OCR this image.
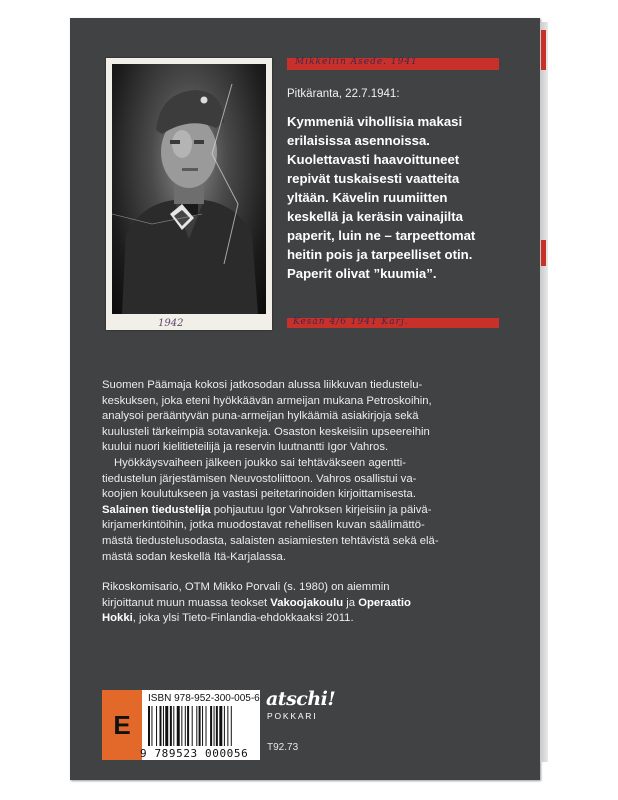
1942
Mikkeliin Asede. 1941
Kesän 4/6 1941 Karj.
Pitkäranta, 22.7.1941:
Kymmeniä vihollisia makasi
erilaisissa asennoissa.
Kuolettavasti haavoittuneet
repivät tuskaisesti vaatteita
yltään. Kävelin ruumiitten
keskellä ja keräsin vainajilta
paperit, luin ne – tarpeettomat
heitin pois ja tarpeelliset otin.
Paperit olivat ”kuumia”.
Suomen Päämaja kokosi jatkosodan alussa liikkuvan tiedustelu-
keskuksen, joka eteni hyökkäävän armeijan mukana Petroskoihin,
analysoi perääntyvän puna-armeijan hylkäämiä asiakirjoja sekä
kuulusteli tärkeimpiä sotavankeja. Osaston keskeisiin upseereihin
kuului nuori kielitieteilijä ja reservin luutnantti Igor Vahros.
Hyökkäysvaiheen jälkeen joukko sai tehtäväkseen agentti-
tiedustelun järjestämisen Neuvostoliittoon. Vahros osallistui va-
koojien koulutukseen ja vastasi peitetarinoiden kirjoittamisesta.
Salainen tiedustelija pohjautuu Igor Vahroksen kirjeisiin ja päivä-
kirjamerkintöihin, jotka muodostavat rehellisen kuvan säälimättö-
mästä tiedustelusodasta, salaisten asiamiesten tehtävistä sekä elä-
mästä sodan keskellä Itä-Karjalassa.
Rikoskomisario, OTM Mikko Porvali (s. 1980) on aiemmin
kirjoittanut muun muassa teokset Vakoojakoulu ja Operaatio
Hokki, joka ylsi Tieto-Finlandia-ehdokkaaksi 2011.
E
ISBN 978-952-300-005-6
9 789523 000056
atschi!
POKKARI
T92.73
